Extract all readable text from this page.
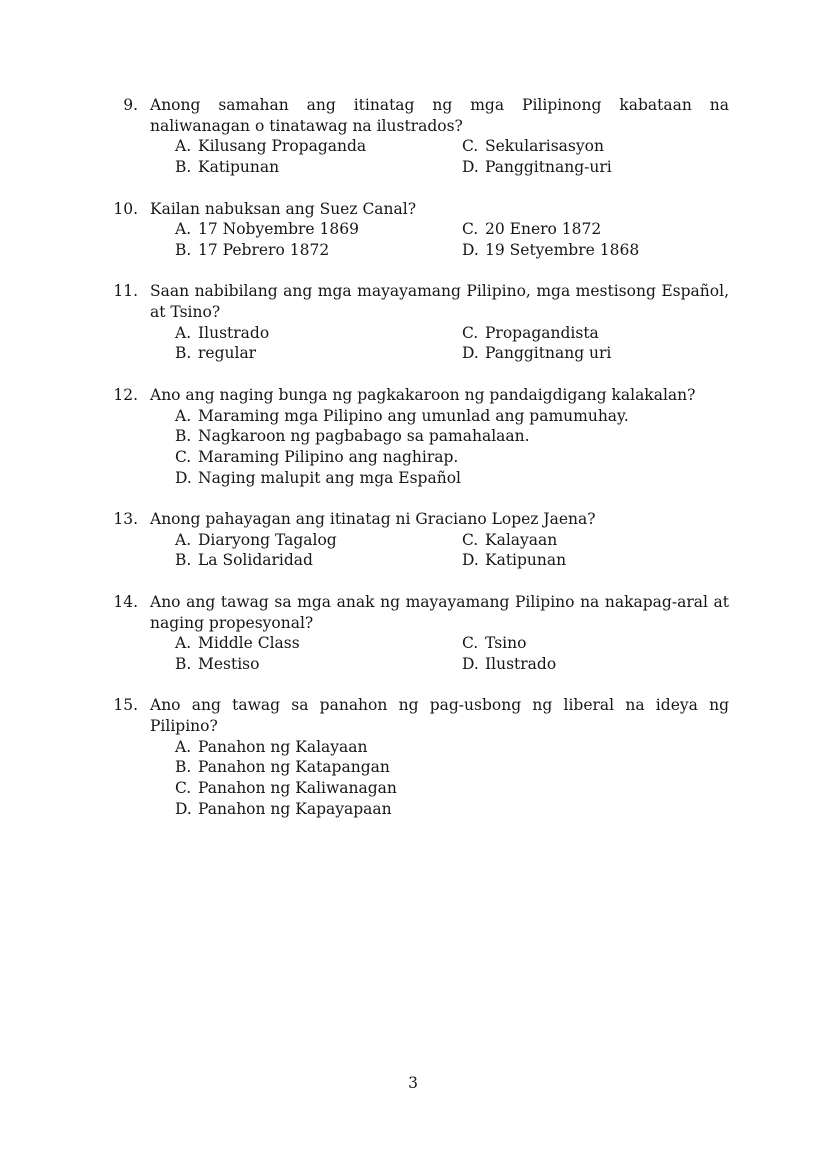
9. Anong samahan ang itinatag ng mga Pilipinong kabataan na naliwanagan o tinatawag na ilustrados?

A. Kilusang Propaganda
B. Katipunan
C. Sekularisasyon
D. Panggitnang-uri
10. Kailan nabuksan ang Suez Canal?

A. 17 Nobyembre 1869
B. 17 Pebrero 1872
C. 20 Enero 1872
D. 19 Setyembre 1868
11. Saan nabibilang ang mga mayayamang Pilipino, mga mestisong Español, at Tsino?

A. Ilustrado
B. regular
C. Propagandista
D. Panggitnang uri
12. Ano ang naging bunga ng pagkakaroon ng pandaigdigang kalakalan?

A. Maraming mga Pilipino ang umunlad ang pamumuhay.
B. Nagkaroon ng pagbabago sa pamahalaan.
C. Maraming Pilipino ang naghirap.
D. Naging malupit ang mga Español
13. Anong pahayagan ang itinatag ni Graciano Lopez Jaena?

A. Diaryong Tagalog
B. La Solidaridad
C. Kalayaan
D. Katipunan
14. Ano ang tawag sa mga anak ng mayayamang Pilipino na nakapag-aral at naging propesyonal?

A. Middle Class
B. Mestiso
C. Tsino
D. Ilustrado
15. Ano ang tawag sa panahon ng pag-usbong ng liberal na ideya ng Pilipino?

A. Panahon ng Kalayaan
B. Panahon ng Katapangan
C. Panahon ng Kaliwanagan
D. Panahon ng Kapayapaan
3
